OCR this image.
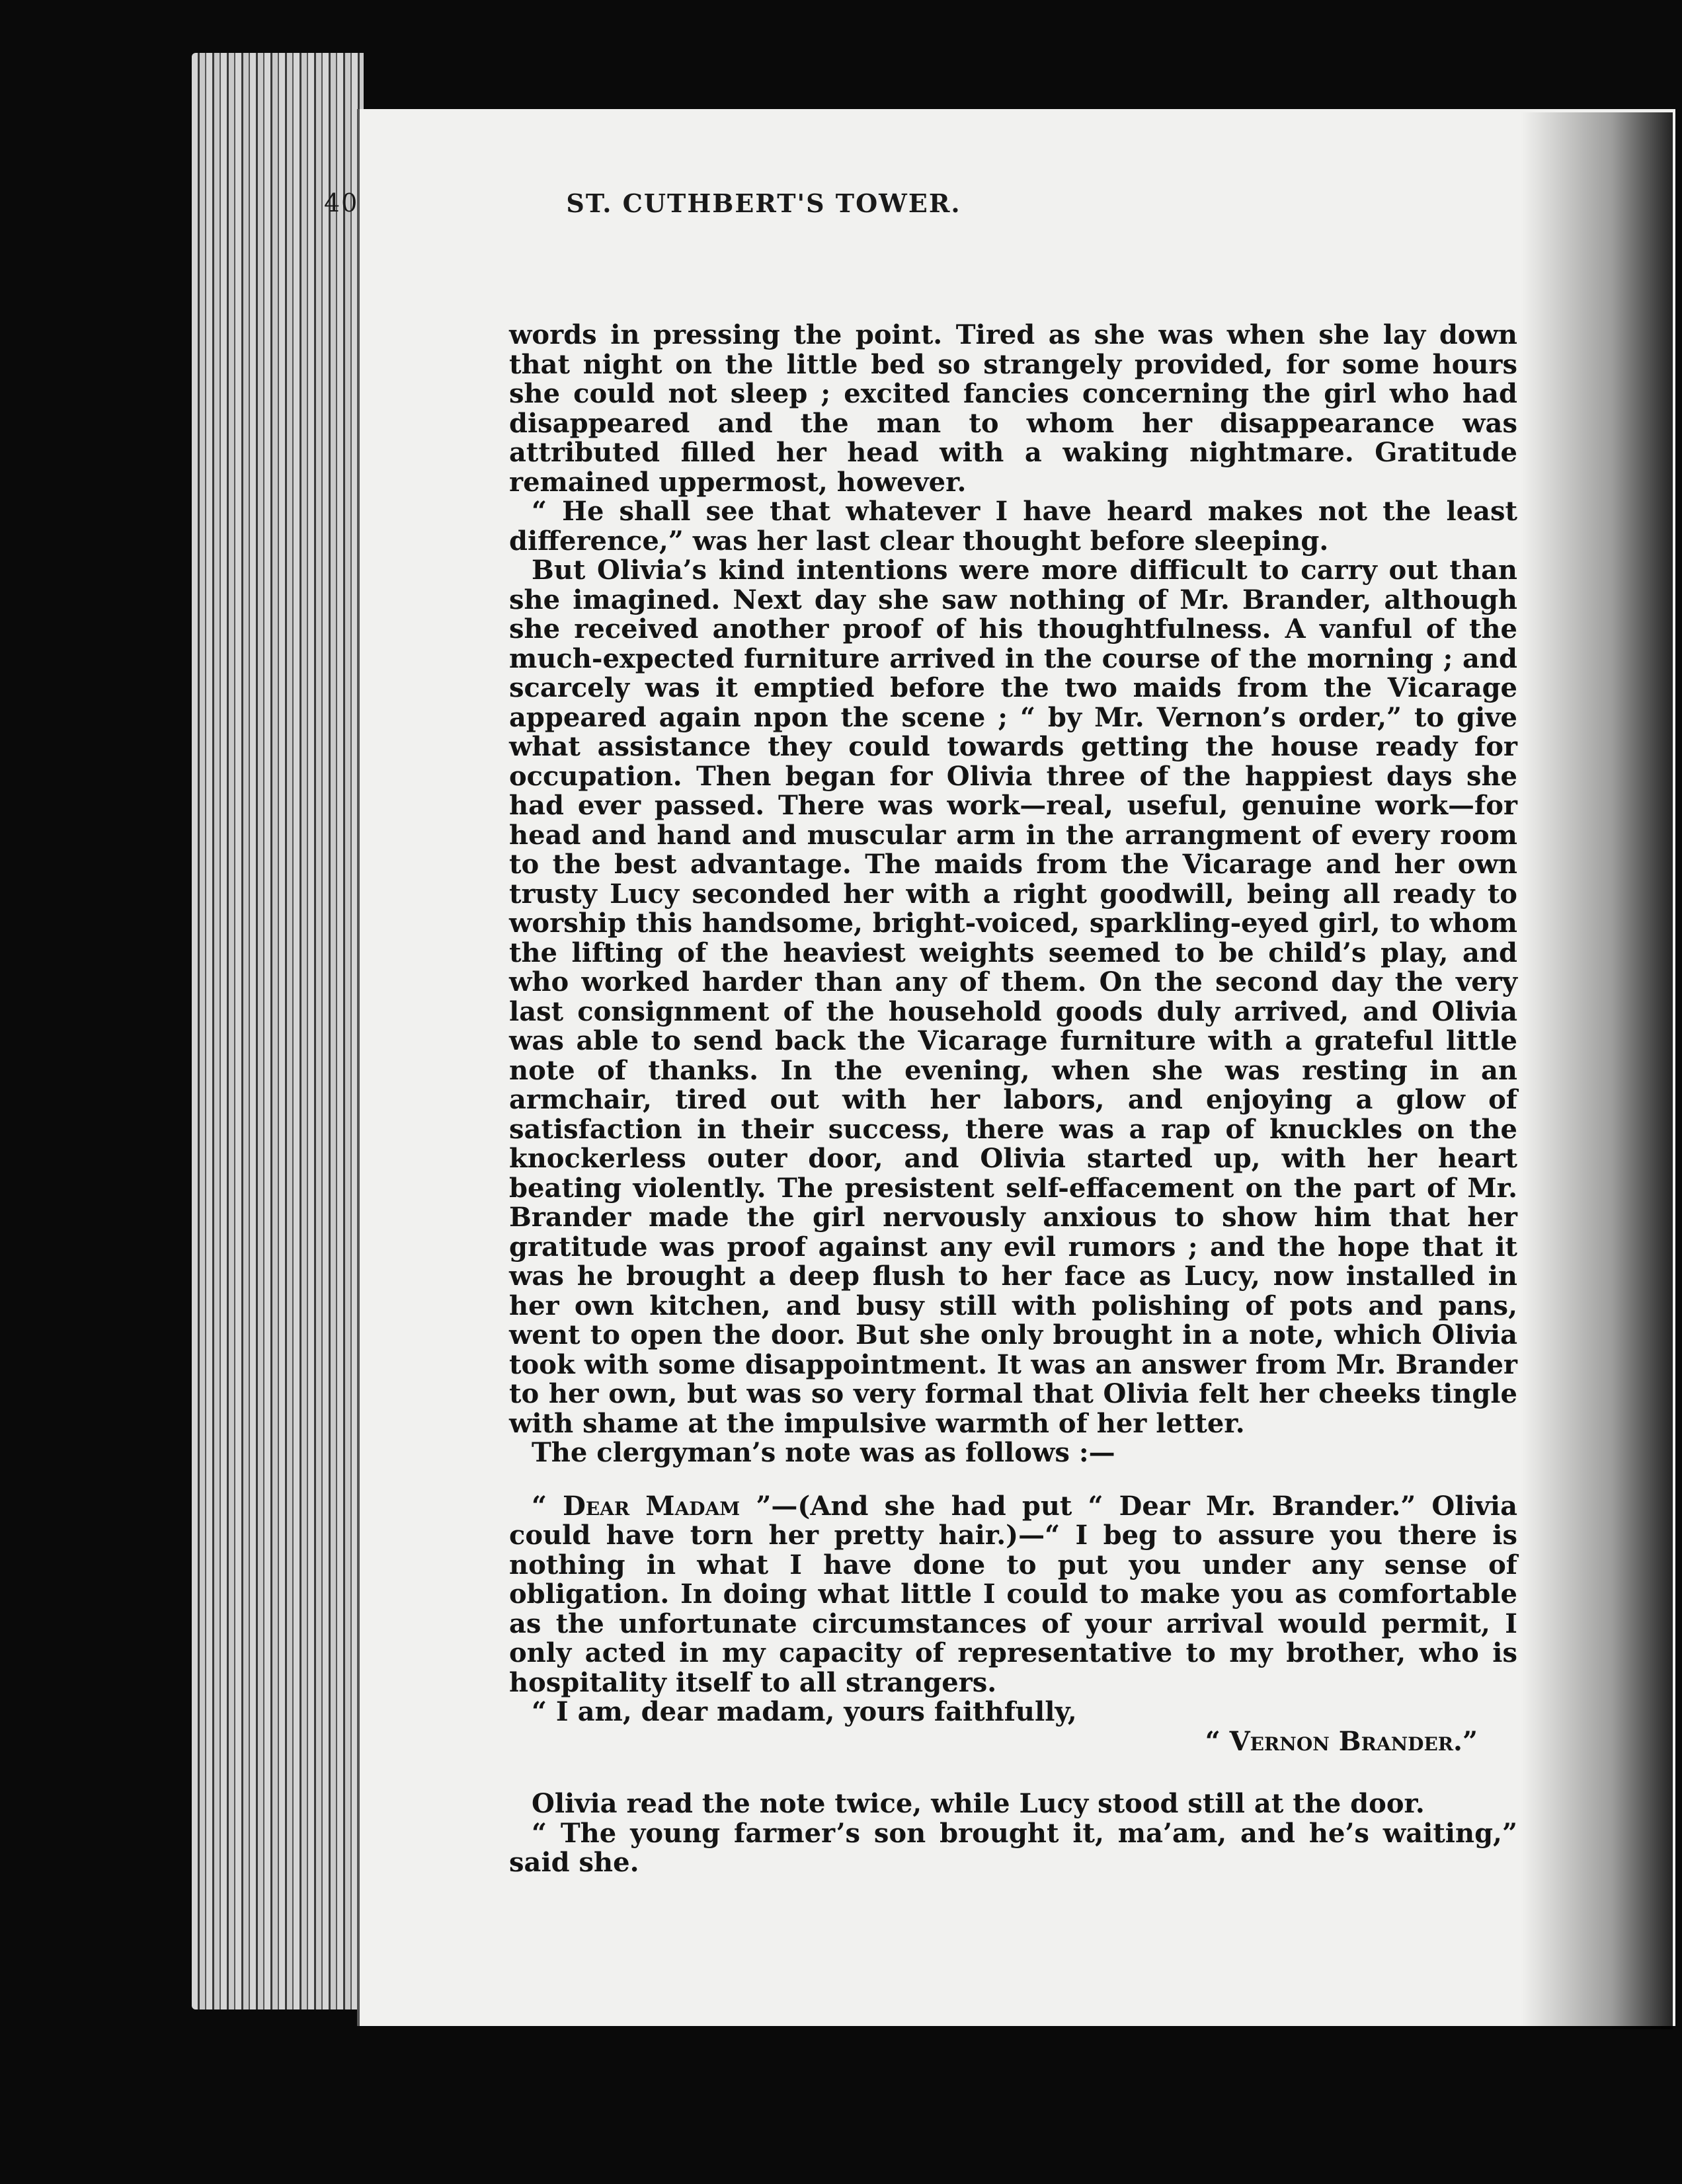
40	ST. CUTHBERT'S TOWER.

words in pressing the point. Tired as she was when she lay down that night on the little bed so strangely provided, for some hours she could not sleep ; excited fancies concerning the girl who had disappeared and the man to whom her disappearance was attributed filled her head with a waking nightmare. Gratitude remained uppermost, however.

“ He shall see that whatever I have heard makes not the least difference,” was her last clear thought before sleeping.

But Olivia’s kind intentions were more difficult to carry out than she imagined. Next day she saw nothing of Mr. Brander, although she received another proof of his thoughtfulness. A vanful of the much-expected furniture arrived in the course of the morning ; and scarcely was it emptied before the two maids from the Vicarage appeared again npon the scene ; “ by Mr. Vernon’s order,” to give what assistance they could towards getting the house ready for occupation. Then began for Olivia three of the happiest days she had ever passed. There was work—real, useful, genuine work—for head and hand and muscular arm in the arrangment of every room to the best advantage. The maids from the Vicarage and her own trusty Lucy seconded her with a right goodwill, being all ready to worship this handsome, bright-voiced, sparkling-eyed girl, to whom the lifting of the heaviest weights seemed to be child’s play, and who worked harder than any of them. On the second day the very last consignment of the household goods duly arrived, and Olivia was able to send back the Vicarage furniture with a grateful little note of thanks. In the evening, when she was resting in an armchair, tired out with her labors, and enjoying a glow of satisfaction in their success, there was a rap of knuckles on the knockerless outer door, and Olivia started up, with her heart beating violently. The presistent self-effacement on the part of Mr. Brander made the girl nervously anxious to show him that her gratitude was proof against any evil rumors ; and the hope that it was he brought a deep flush to her face as Lucy, now installed in her own kitchen, and busy still with polishing of pots and pans, went to open the door. But she only brought in a note, which Olivia took with some disappointment. It was an answer from Mr. Brander to her own, but was so very formal that Olivia felt her cheeks tingle with shame at the impulsive warmth of her letter.

The clergyman’s note was as follows :—

“ Dear Madam ”—(And she had put “ Dear Mr. Brander.” Olivia could have torn her pretty hair.)—“ I beg to assure you there is nothing in what I have done to put you under any sense of obligation. In doing what little I could to make you as comfortable as the unfortunate circumstances of your arrival would permit, I only acted in my capacity of representative to my brother, who is hospitality itself to all strangers.

“ I am, dear madam, yours faithfully,

“ Vernon Brander.”

Olivia read the note twice, while Lucy stood still at the door.

“ The young farmer’s son brought it, ma’am, and he’s waiting,” said she.
